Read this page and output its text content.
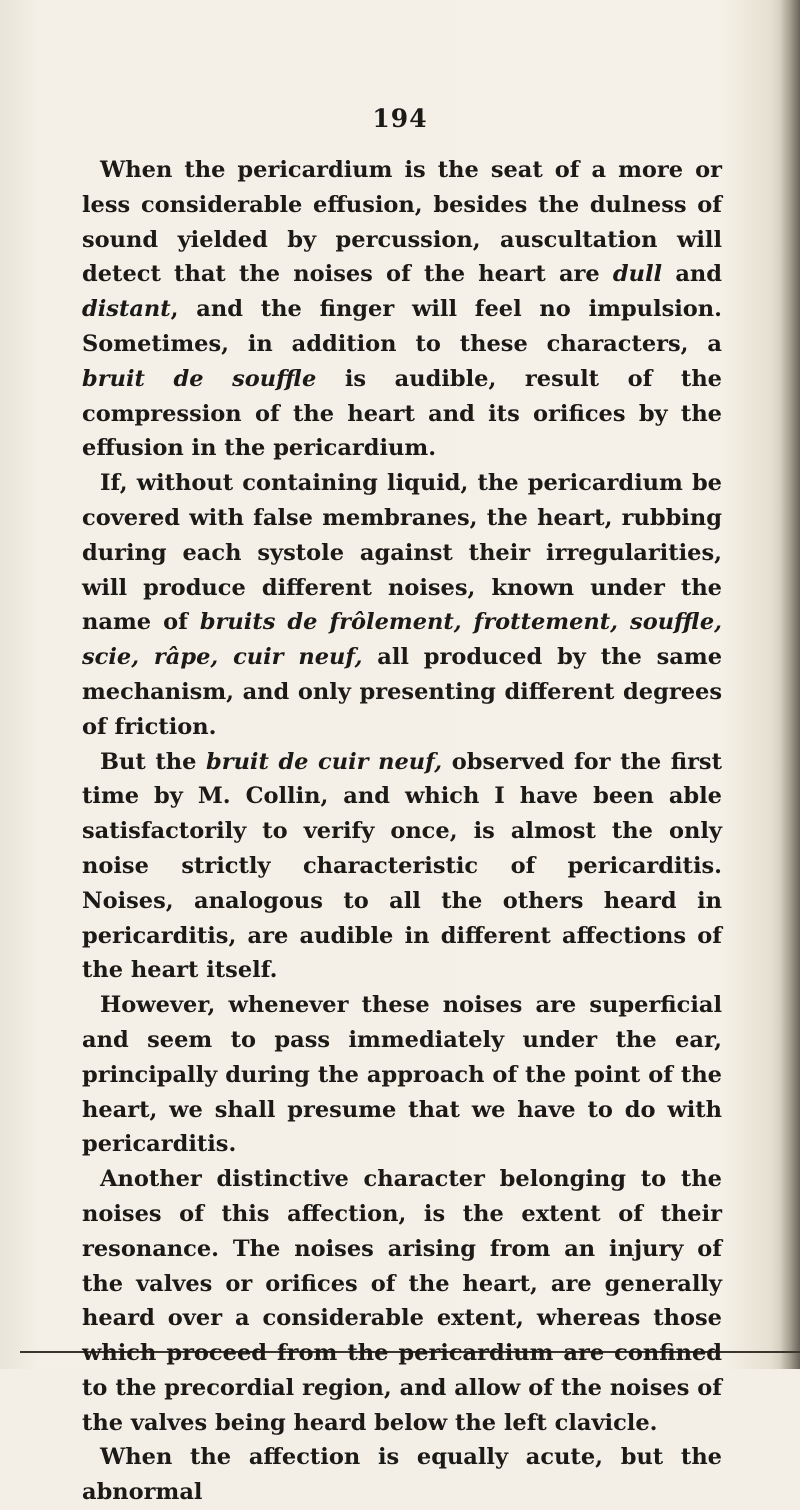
194

When the pericardium is the seat of a more or less considerable effusion, besides the dulness of sound yielded by percussion, auscultation will detect that the noises of the heart are dull and distant, and the finger will feel no impulsion. Sometimes, in addition to these characters, a bruit de souffle is audible, result of the compression of the heart and its orifices by the effusion in the pericardium.

If, without containing liquid, the pericardium be covered with false membranes, the heart, rubbing during each systole against their irregularities, will produce different noises, known under the name of bruits de frôlement, frottement, souffle, scie, râpe, cuir neuf, all produced by the same mechanism, and only presenting different degrees of friction.

But the bruit de cuir neuf, observed for the first time by M. Collin, and which I have been able satisfactorily to verify once, is almost the only noise strictly characteristic of pericarditis. Noises, analogous to all the others heard in pericarditis, are audible in different affections of the heart itself.

However, whenever these noises are superficial and seem to pass immediately under the ear, principally during the approach of the point of the heart, we shall presume that we have to do with pericarditis.

Another distinctive character belonging to the noises of this affection, is the extent of their resonance. The noises arising from an injury of the valves or orifices of the heart, are generally heard over a considerable extent, whereas those which proceed from the pericardium are confined to the precordial region, and allow of the noises of the valves being heard below the left clavicle.

When the affection is equally acute, but the abnormal
